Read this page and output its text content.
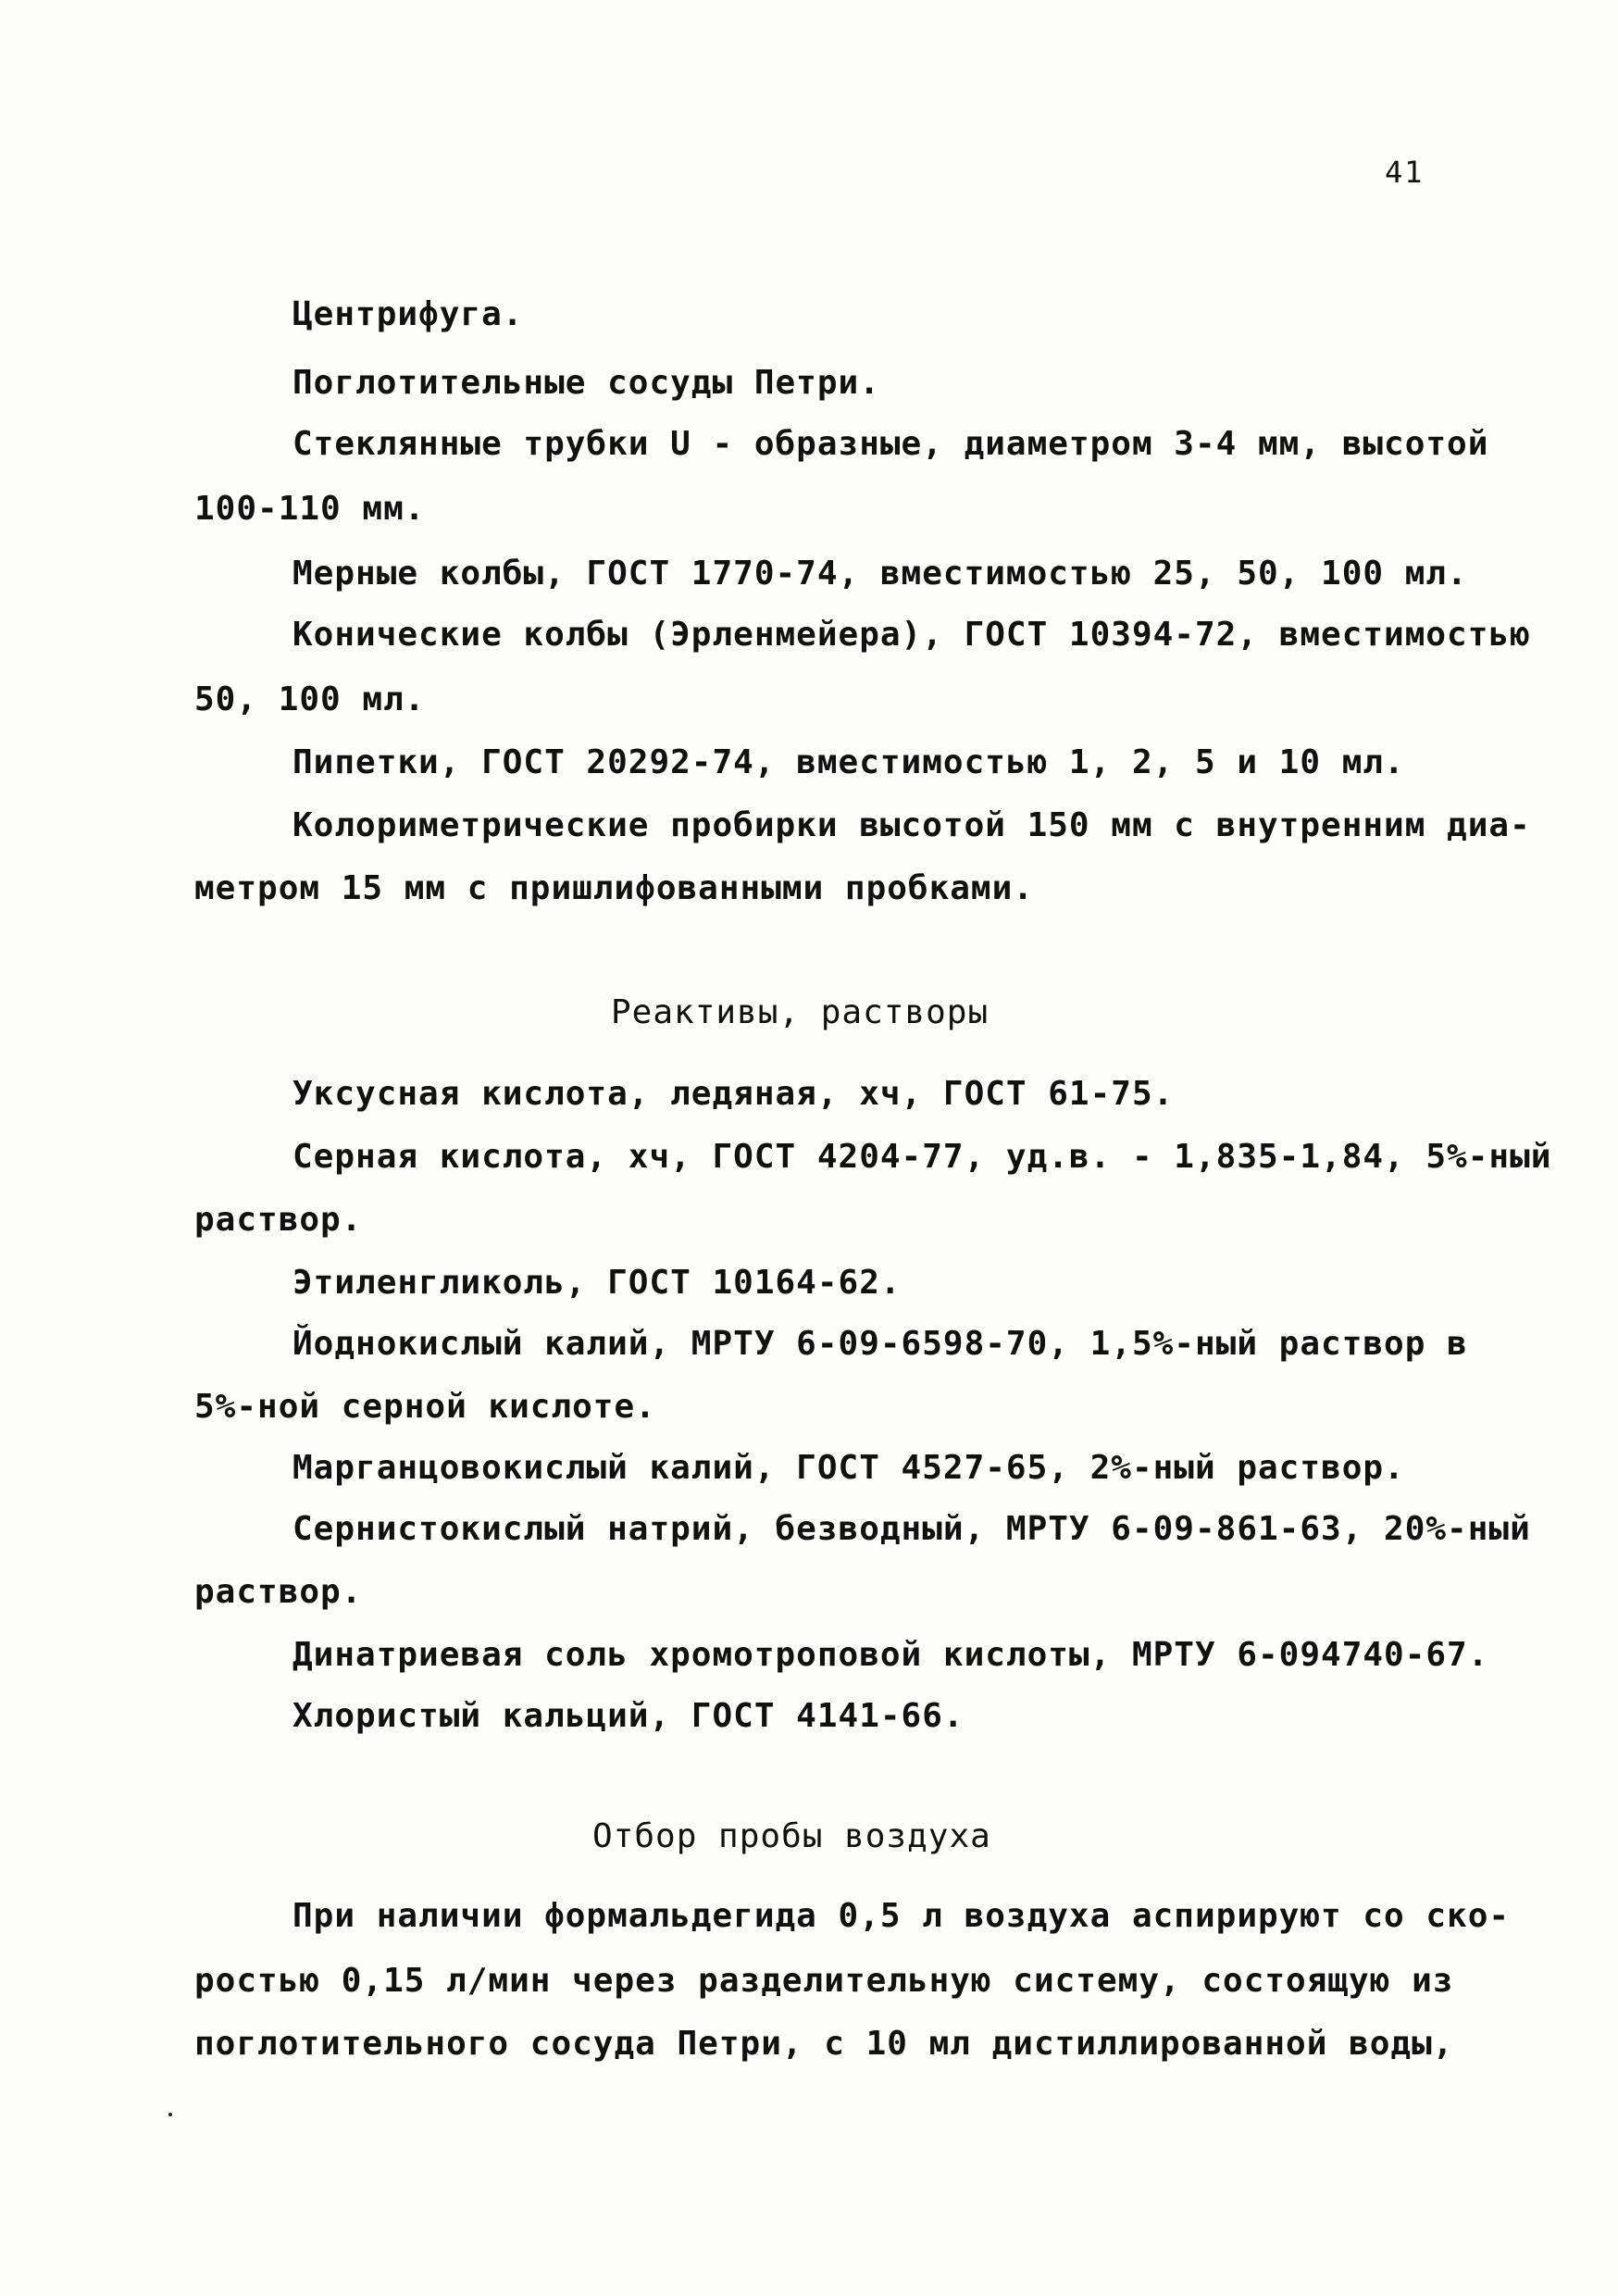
41
Центрифуга.
Поглотительные сосуды Петри.
Стеклянные трубки U - образные, диаметром 3-4 мм, высотой
100-110 мм.
Мерные колбы, ГОСТ 1770-74, вместимостью 25, 50, 100 мл.
Конические колбы (Эрленмейера), ГОСТ 10394-72, вместимостью
50, 100 мл.
Пипетки, ГОСТ 20292-74, вместимостью 1, 2, 5 и 10 мл.
Колориметрические пробирки высотой 150 мм с внутренним диа-
метром 15 мм с пришлифованными пробками.
Реактивы, растворы
Уксусная кислота, ледяная, хч, ГОСТ 61-75.
Серная кислота, хч, ГОСТ 4204-77, уд.в. - 1,835-1,84, 5%-ный
раствор.
Этиленгликоль, ГОСТ 10164-62.
Йоднокислый калий, МРТУ 6-09-6598-70, 1,5%-ный раствор в
5%-ной серной кислоте.
Марганцовокислый калий, ГОСТ 4527-65, 2%-ный раствор.
Сернистокислый натрий, безводный, МРТУ 6-09-861-63, 20%-ный
раствор.
Динатриевая соль хромотроповой кислоты, МРТУ 6-094740-67.
Хлористый кальций, ГОСТ 4141-66.
Отбор пробы воздуха
При наличии формальдегида 0,5 л воздуха аспирируют со ско-
ростью 0,15 л/мин через разделительную систему, состоящую из
поглотительного сосуда Петри, с 10 мл дистиллированной воды,
